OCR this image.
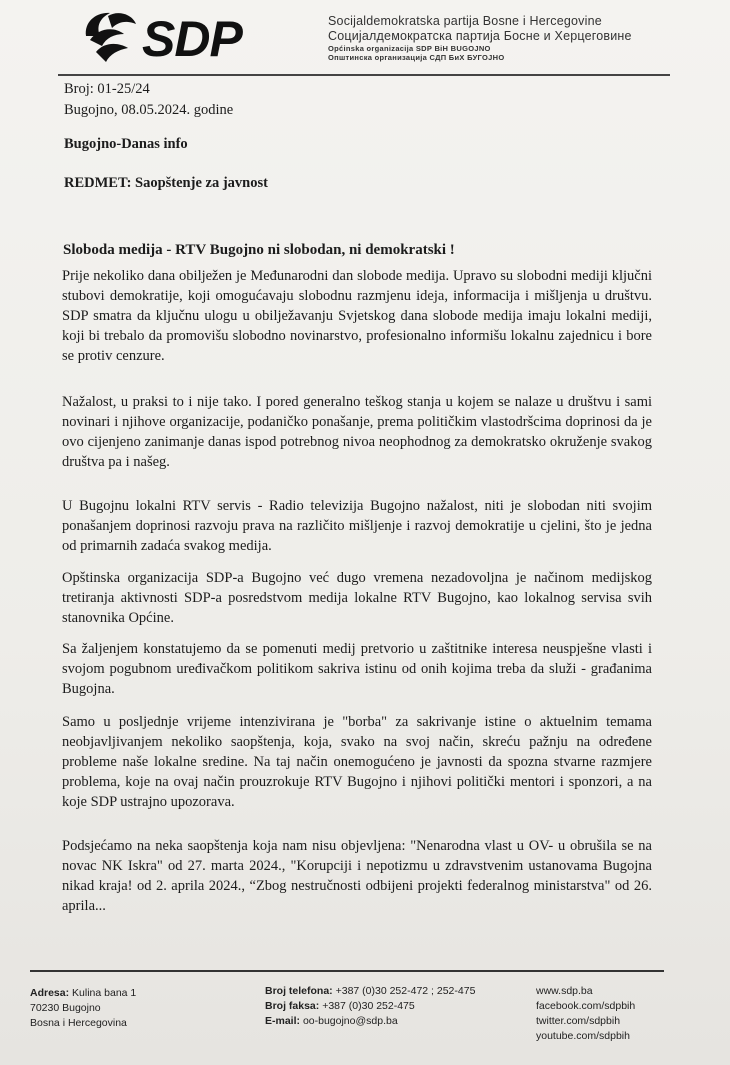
SDP	Socijaldemokratska partija Bosne i Hercegovine
Социјалдемократска партија Босне и Херцеговине
Općinska organizacija SDP BiH BUGOJNO
Општинска организација СДП БиХ БУГОЈНО
Broj: 01-25/24
Bugojno, 08.05.2024. godine
Bugojno-Danas info
REDMET: Saopštenje za javnost
Sloboda medija - RTV Bugojno ni slobodan, ni demokratski !
Prije nekoliko dana obilježen je Međunarodni dan slobode medija. Upravo su slobodni mediji ključni stubovi demokratije, koji omogućavaju slobodnu razmjenu ideja, informacija i mišljenja u društvu. SDP smatra da ključnu ulogu u obilježavanju Svjetskog dana slobode medija imaju lokalni mediji, koji bi trebalo da promovišu slobodno novinarstvo, profesionalno informišu lokalnu zajednicu i bore se protiv cenzure.
Nažalost, u praksi to i nije tako. I pored generalno teškog stanja u kojem se nalaze u društvu i sami novinari i njihove organizacije, podaničko ponašanje, prema političkim vlastodršcima doprinosi da je ovo cijenjeno zanimanje danas ispod potrebnog nivoa neophodnog za demokratsko okruženje svakog društva pa i našeg.
U Bugojnu lokalni RTV servis - Radio televizija Bugojno nažalost, niti je slobodan niti svojim ponašanjem doprinosi razvoju prava na različito mišljenje i razvoj demokratije u cjelini, što je jedna od primarnih zadaća svakog medija.
Opštinska organizacija SDP-a Bugojno već dugo vremena nezadovoljna je načinom medijskog tretiranja aktivnosti SDP-a posredstvom medija lokalne RTV Bugojno, kao lokalnog servisa svih stanovnika Općine.
Sa žaljenjem konstatujemo da se pomenuti medij pretvorio u zaštitnike interesa neuspješne vlasti i svojom pogubnom uređivačkom politikom sakriva istinu od onih kojima treba da služi - građanima Bugojna.
Samo u posljednje vrijeme intenzivirana je "borba" za sakrivanje istine o aktuelnim temama neobjavljivanjem nekoliko saopštenja, koja, svako na svoj način, skreću pažnju na određene probleme naše lokalne sredine. Na taj način onemogućeno je javnosti da spozna stvarne razmjere problema, koje na ovaj način prouzrokuje RTV Bugojno i njihovi politički mentori i sponzori, a na koje SDP ustrajno upozorava.
Podsjećamo na neka saopštenja koja nam nisu objevljena: "Nenarodna vlast u OV- u obrušila se na novac NK Iskra" od 27. marta 2024., "Korupciji i nepotizmu u zdravstvenim ustanovama Bugojna nikad kraja! od 2. aprila 2024., “Zbog nestručnosti odbijeni projekti federalnog ministarstva" od 26. aprila...
Adresa: Kulina bana 1
70230 Bugojno
Bosna i Hercegovina
Broj telefona: +387 (0)30 252-472 ; 252-475
Broj faksa: +387 (0)30 252-475
E-mail: oo-bugojno@sdp.ba
www.sdp.ba
facebook.com/sdpbih
twitter.com/sdpbih
youtube.com/sdpbih
